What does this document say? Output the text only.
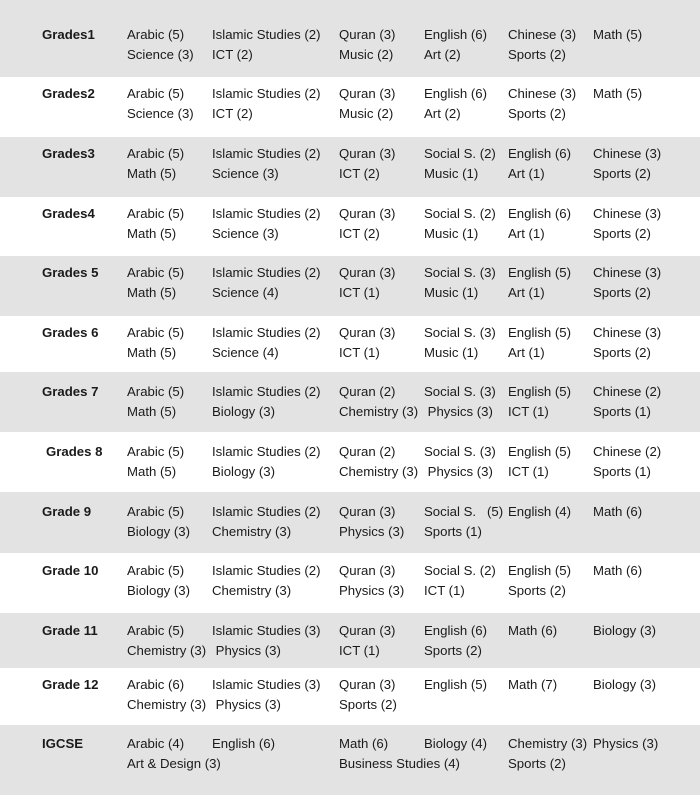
Grades1 Arabic (5) Islamic Studies (2) Quran (3) English (6) Chinese (3) Math (5)
Science (3) ICT (2)	Music (2) Art (2)	Sports (2)
Grades2 Arabic (5) Islamic Studies (2) Quran (3) English (6) Chinese (3) Math (5)
Science (3) ICT (2)	Music (2) Art (2)	Sports (2)
Grades3 Arabic (5) Islamic Studies (2) Quran (3) Social S. (2) English (6) Chinese (3)
Math (5)	Science (3)	ICT (2)	Music (1) Art (1)	Sports (2)
Grades4 Arabic (5) Islamic Studies (2) Quran (3) Social S. (2) English (6) Chinese (3)
Math (5)	Science (3)	ICT (2)	Music (1) Art (1)	Sports (2)
Grades 5 Arabic (5) Islamic Studies (2) Quran (3) Social S. (3) English (5) Chinese (3)
Math (5)	Science (4)	ICT (1)	Music (1) Art (1)	Sports (2)
Grades 6 Arabic (5) Islamic Studies (2) Quran (3) Social S. (3) English (5) Chinese (3)
Math (5)	Science (4)	ICT (1)	Music (1) Art (1)	Sports (2)
Grades 7 Arabic (5) Islamic Studies (2) Quran (2) Social S. (3) English (5) Chinese (2)
Math (5)	Biology (3)	Chemistry (3) Physics (3) ICT (1)	Sports (1)
Grades 8 Arabic (5) Islamic Studies (2) Quran (2) Social S. (3) English (5) Chinese (2)
Math (5)	Biology (3)	Chemistry (3) Physics (3) ICT (1)	Sports (1)
Grade 9	Arabic (5) Islamic Studies (2) Quran (3) Social S.   (5) English (4) Math (6)
Biology (3) Chemistry (3)	Physics (3) Sports (1)
Grade 10 Arabic (5) Islamic Studies (2) Quran (3) Social S. (2) English (5) Math (6)
Biology (3) Chemistry (3)	Physics (3) ICT (1)	Sports (2)
Grade 11 Arabic (5) Islamic Studies (3) Quran (3) English (6) Math (6)	Biology (3)
Chemistry (3) Physics (3)	ICT (1)	Sports (2)
Grade 12 Arabic (6) Islamic Studies (3) Quran (3) English (5) Math (7)	Biology (3)
Chemistry (3) Physics (3)	Sports (2)
IGCSE	Arabic (4) English (6)	Math (6)	Biology (4) Chemistry (3) Physics (3)
Art & Design (3)	Business Studies (4)	Sports (2)
